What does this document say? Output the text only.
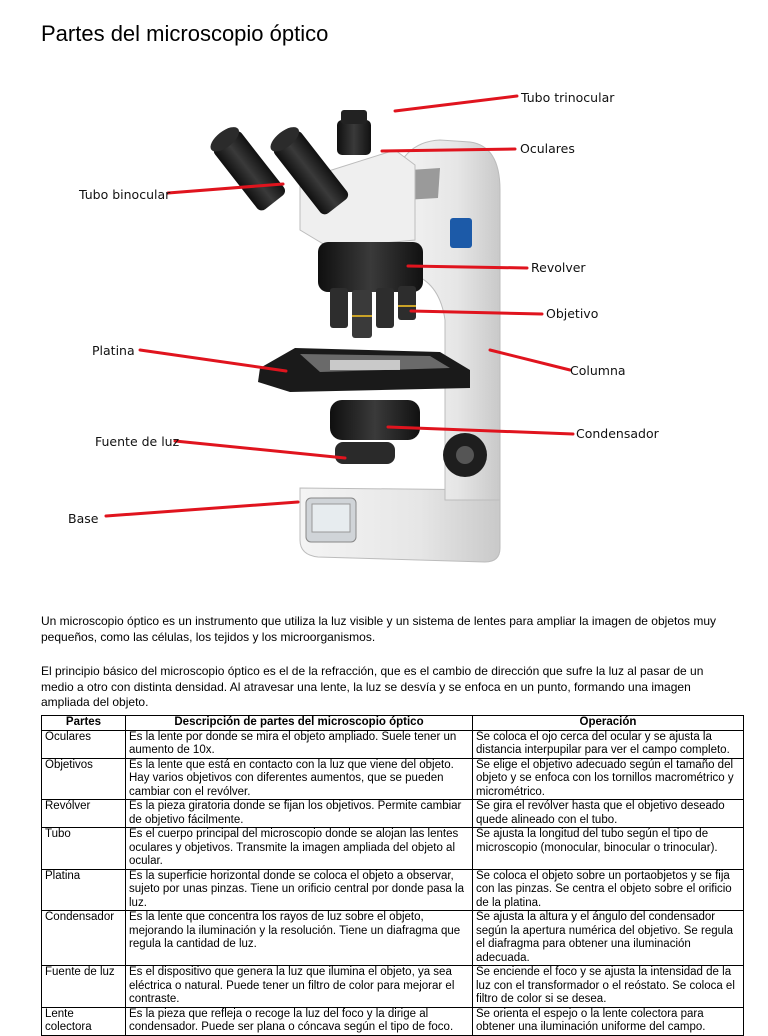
Partes del microscopio óptico
Tubo trinocular
Oculares
Tubo binocular
Revolver
Objetivo
Platina
Columna
Fuente de luz
Condensador
Base

Un microscopio óptico es un instrumento que utiliza la luz visible y un sistema de lentes para ampliar la imagen de objetos muy pequeños, como las células, los tejidos y los microorganismos.

El principio básico del microscopio óptico es el de la refracción, que es el cambio de dirección que sufre la luz al pasar de un medio a otro con distinta densidad. Al atravesar una lente, la luz se desvía y se enfoca en un punto, formando una imagen ampliada del objeto.

Partes	Descripción de partes del microscopio óptico	Operación
Oculares	Es la lente por donde se mira el objeto ampliado. Suele tener un aumento de 10x.	Se coloca el ojo cerca del ocular y se ajusta la distancia interpupilar para ver el campo completo.
Objetivos	Es la lente que está en contacto con la luz que viene del objeto. Hay varios objetivos con diferentes aumentos, que se pueden cambiar con el revólver.	Se elige el objetivo adecuado según el tamaño del objeto y se enfoca con los tornillos macrométrico y micrométrico.
Revólver	Es la pieza giratoria donde se fijan los objetivos. Permite cambiar de objetivo fácilmente.	Se gira el revólver hasta que el objetivo deseado quede alineado con el tubo.
Tubo	Es el cuerpo principal del microscopio donde se alojan las lentes oculares y objetivos. Transmite la imagen ampliada del objeto al ocular.	Se ajusta la longitud del tubo según el tipo de microscopio (monocular, binocular o trinocular).
Platina	Es la superficie horizontal donde se coloca el objeto a observar, sujeto por unas pinzas. Tiene un orificio central por donde pasa la luz.	Se coloca el objeto sobre un portaobjetos y se fija con las pinzas. Se centra el objeto sobre el orificio de la platina.
Condensador	Es la lente que concentra los rayos de luz sobre el objeto, mejorando la iluminación y la resolución. Tiene un diafragma que regula la cantidad de luz.	Se ajusta la altura y el ángulo del condensador según la apertura numérica del objetivo. Se regula el diafragma para obtener una iluminación adecuada.
Fuente de luz	Es el dispositivo que genera la luz que ilumina el objeto, ya sea eléctrica o natural. Puede tener un filtro de color para mejorar el contraste.	Se enciende el foco y se ajusta la intensidad de la luz con el transformador o el reóstato. Se coloca el filtro de color si se desea.
Lente colectora	Es la pieza que refleja o recoge la luz del foco y la dirige al condensador. Puede ser plana o cóncava según el tipo de foco.	Se orienta el espejo o la lente colectora para obtener una iluminación uniforme del campo.
